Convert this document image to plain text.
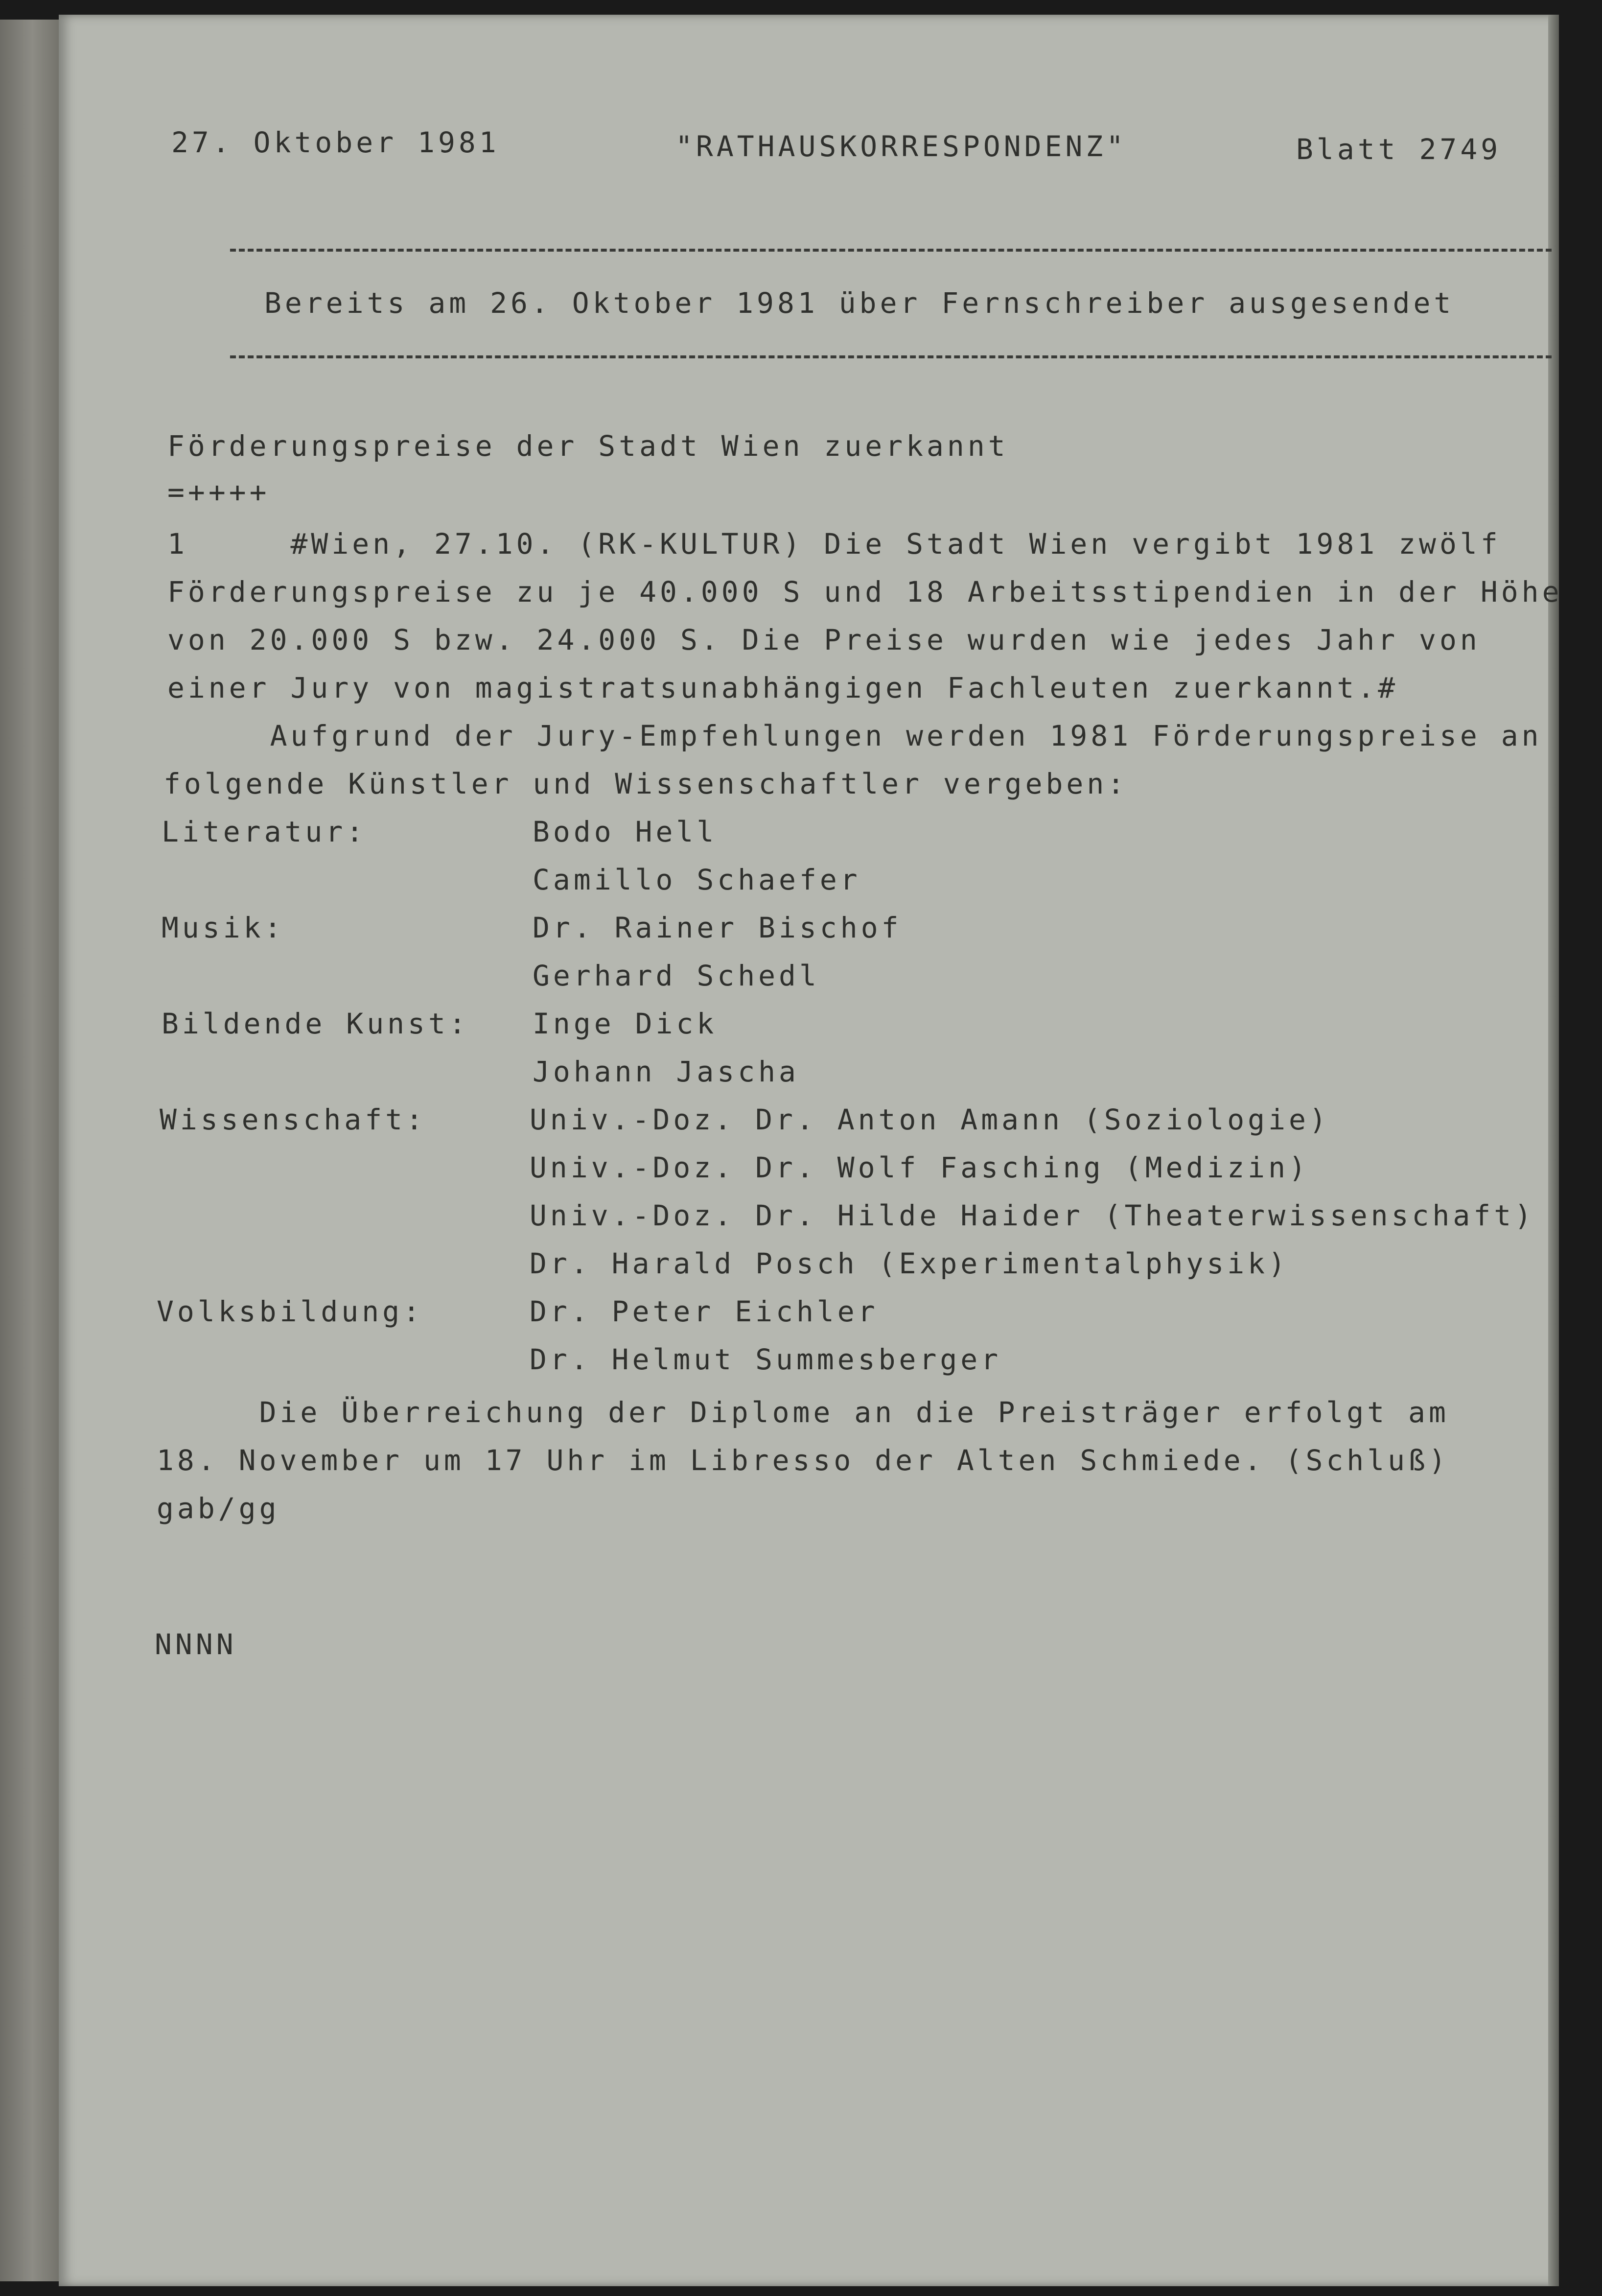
27. Oktober 1981	"RATHAUSKORRESPONDENZ"	Blatt 2749
Bereits am 26. Oktober 1981 über Fernschreiber ausgesendet
Förderungspreise der Stadt Wien zuerkannt
=++++
1     #Wien, 27.10. (RK-KULTUR) Die Stadt Wien vergibt 1981 zwölf
Förderungspreise zu je 40.000 S und 18 Arbeitsstipendien in der Höhe
von 20.000 S bzw. 24.000 S. Die Preise wurden wie jedes Jahr von
einer Jury von magistratsunabhängigen Fachleuten zuerkannt.#
Aufgrund der Jury-Empfehlungen werden 1981 Förderungspreise an
folgende Künstler und Wissenschaftler vergeben:
Literatur:	Bodo Hell
Camillo Schaefer
Musik:	Dr. Rainer Bischof
Gerhard Schedl
Bildende Kunst: Inge Dick
Johann Jascha
Wissenschaft:	Univ.-Doz. Dr. Anton Amann (Soziologie)
Univ.-Doz. Dr. Wolf Fasching (Medizin)
Univ.-Doz. Dr. Hilde Haider (Theaterwissenschaft)
Dr. Harald Posch (Experimentalphysik)
Volksbildung:	Dr. Peter Eichler
Dr. Helmut Summesberger
Die Überreichung der Diplome an die Preisträger erfolgt am
18. November um 17 Uhr im Libresso der Alten Schmiede. (Schluß)
gab/gg
NNNN
